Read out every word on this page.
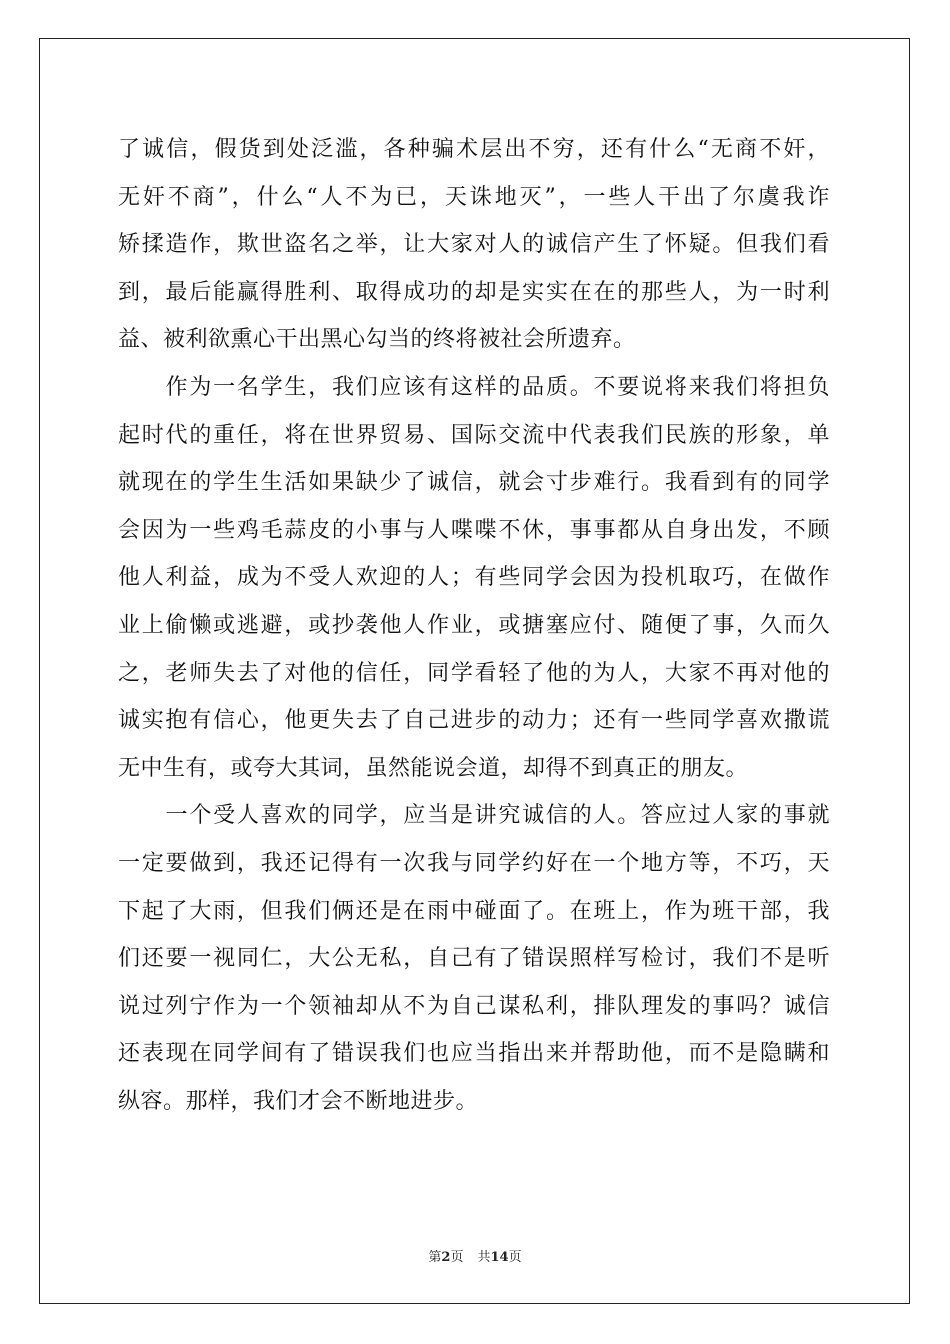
了诚信，假货到处泛滥，各种骗术层出不穷，还有什么“无商不奸，
无奸不商”，什么“人不为已，天诛地灭”，一些人干出了尔虞我诈
矫揉造作，欺世盗名之举，让大家对人的诚信产生了怀疑。但我们看
到，最后能赢得胜利、取得成功的却是实实在在的那些人，为一时利
益、被利欲熏心干出黑心勾当的终将被社会所遗弃。
　　作为一名学生，我们应该有这样的品质。不要说将来我们将担负
起时代的重任，将在世界贸易、国际交流中代表我们民族的形象，单
就现在的学生生活如果缺少了诚信，就会寸步难行。我看到有的同学
会因为一些鸡毛蒜皮的小事与人喋喋不休，事事都从自身出发，不顾
他人利益，成为不受人欢迎的人；有些同学会因为投机取巧，在做作
业上偷懒或逃避，或抄袭他人作业，或搪塞应付、随便了事，久而久
之，老师失去了对他的信任，同学看轻了他的为人，大家不再对他的
诚实抱有信心，他更失去了自己进步的动力；还有一些同学喜欢撒谎
无中生有，或夸大其词，虽然能说会道，却得不到真正的朋友。
　　一个受人喜欢的同学，应当是讲究诚信的人。答应过人家的事就
一定要做到，我还记得有一次我与同学约好在一个地方等，不巧，天
下起了大雨，但我们俩还是在雨中碰面了。在班上，作为班干部，我
们还要一视同仁，大公无私，自己有了错误照样写检讨，我们不是听
说过列宁作为一个领袖却从不为自己谋私利，排队理发的事吗？诚信
还表现在同学间有了错误我们也应当指出来并帮助他，而不是隐瞒和
纵容。那样，我们才会不断地进步。
第2页 共14页
